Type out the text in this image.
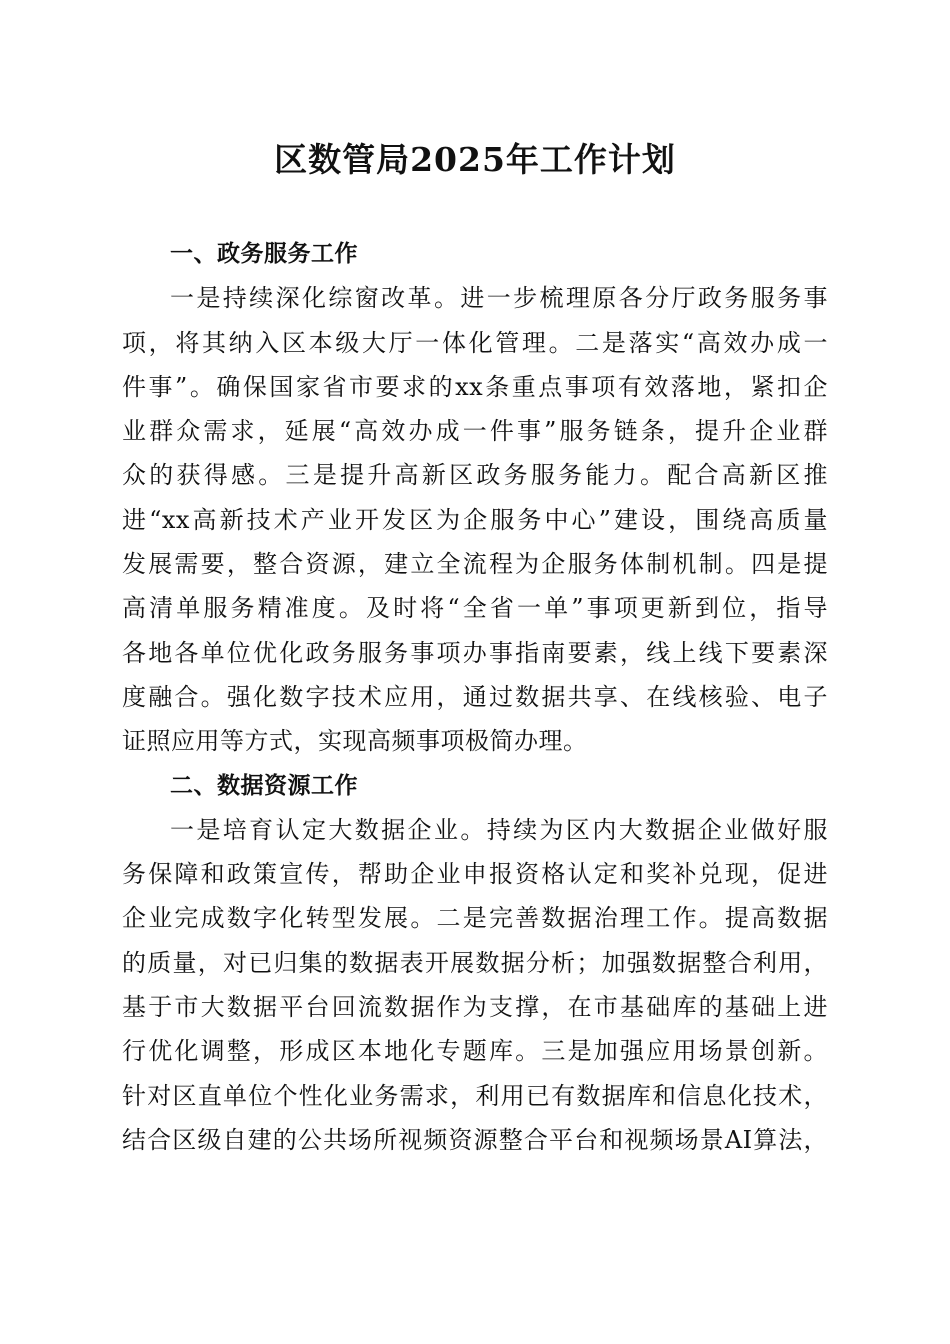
区数管局2025年工作计划
一、政务服务工作
一是持续深化综窗改革。进一步梳理原各分厅政务服务事
项，将其纳入区本级大厅一体化管理。二是落实“高效办成一
件事”。确保国家省市要求的xx条重点事项有效落地，紧扣企
业群众需求，延展“高效办成一件事”服务链条，提升企业群
众的获得感。三是提升高新区政务服务能力。配合高新区推
进“xx高新技术产业开发区为企服务中心”建设，围绕高质量
发展需要，整合资源，建立全流程为企服务体制机制。四是提
高清单服务精准度。及时将“全省一单”事项更新到位，指导
各地各单位优化政务服务事项办事指南要素，线上线下要素深
度融合。强化数字技术应用，通过数据共享、在线核验、电子
证照应用等方式，实现高频事项极简办理。
二、数据资源工作
一是培育认定大数据企业。持续为区内大数据企业做好服
务保障和政策宣传，帮助企业申报资格认定和奖补兑现，促进
企业完成数字化转型发展。二是完善数据治理工作。提高数据
的质量，对已归集的数据表开展数据分析；加强数据整合利用，
基于市大数据平台回流数据作为支撑，在市基础库的基础上进
行优化调整，形成区本地化专题库。三是加强应用场景创新。
针对区直单位个性化业务需求，利用已有数据库和信息化技术，
结合区级自建的公共场所视频资源整合平台和视频场景AI算法，
